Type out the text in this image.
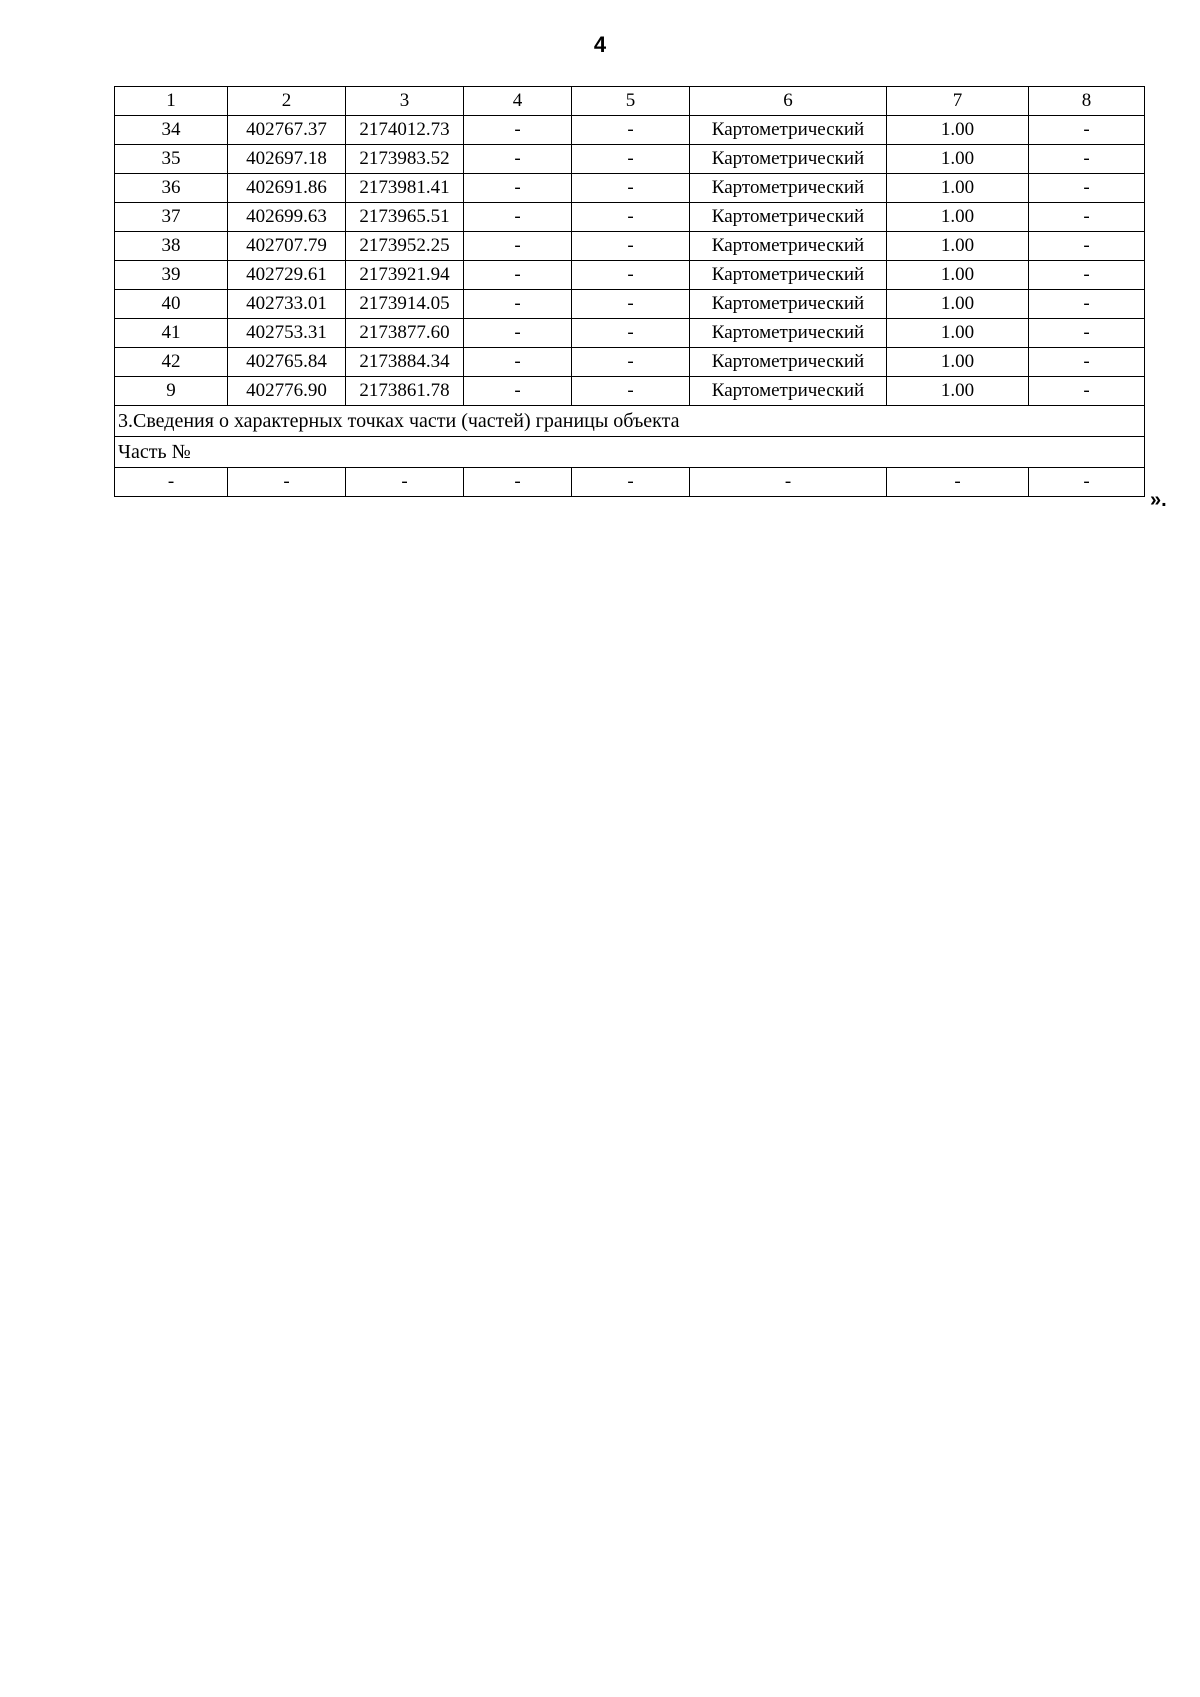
4
1	2	3	4	5	6	7	8
34	402767.37	2174012.73	-	-	Картометрический	1.00	-
35	402697.18	2173983.52	-	-	Картометрический	1.00	-
36	402691.86	2173981.41	-	-	Картометрический	1.00	-
37	402699.63	2173965.51	-	-	Картометрический	1.00	-
38	402707.79	2173952.25	-	-	Картометрический	1.00	-
39	402729.61	2173921.94	-	-	Картометрический	1.00	-
40	402733.01	2173914.05	-	-	Картометрический	1.00	-
41	402753.31	2173877.60	-	-	Картометрический	1.00	-
42	402765.84	2173884.34	-	-	Картометрический	1.00	-
9	402776.90	2173861.78	-	-	Картометрический	1.00	-
3.Сведения о характерных точках части (частей) границы объекта							
Часть №							
-	-	-	-	-	-	-	-
».
